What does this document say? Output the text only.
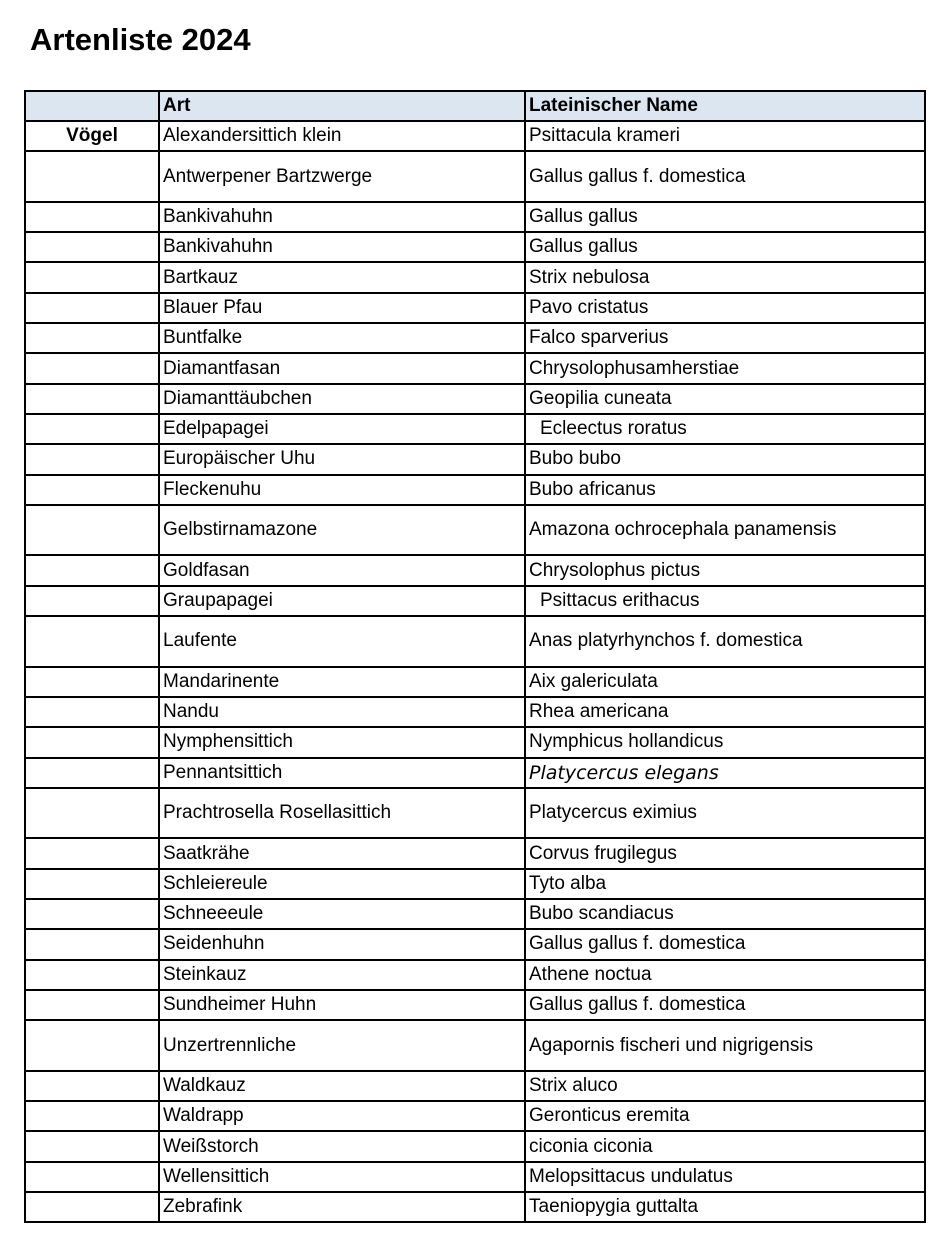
Artenliste 2024
	Art	Lateinischer Name
Vögel	Alexandersittich klein	Psittacula krameri
	Antwerpener Bartzwerge	Gallus gallus f. domestica
	Bankivahuhn	Gallus gallus
	Bankivahuhn	Gallus gallus
	Bartkauz	Strix nebulosa
	Blauer Pfau	Pavo cristatus
	Buntfalke	Falco sparverius
	Diamantfasan	Chrysolophusamherstiae
	Diamanttäubchen	Geopilia cuneata
	Edelpapagei	Ecleectus roratus
	Europäischer Uhu	Bubo bubo
	Fleckenuhu	Bubo africanus
	Gelbstirnamazone	Amazona ochrocephala panamensis
	Goldfasan	Chrysolophus pictus
	Graupapagei	Psittacus erithacus
	Laufente	Anas platyrhynchos f. domestica
	Mandarinente	Aix galericulata
	Nandu	Rhea americana
	Nymphensittich	Nymphicus hollandicus
	Pennantsittich	Platycercus elegans
	Prachtrosella Rosellasittich	Platycercus eximius
	Saatkrähe	Corvus frugilegus
	Schleiereule	Tyto alba
	Schneeeule	Bubo scandiacus
	Seidenhuhn	Gallus gallus f. domestica
	Steinkauz	Athene noctua
	Sundheimer Huhn	Gallus gallus f. domestica
	Unzertrennliche	Agapornis fischeri und nigrigensis
	Waldkauz	Strix aluco
	Waldrapp	Geronticus eremita
	Weißstorch	ciconia ciconia
	Wellensittich	Melopsittacus undulatus
	Zebrafink	Taeniopygia guttalta
